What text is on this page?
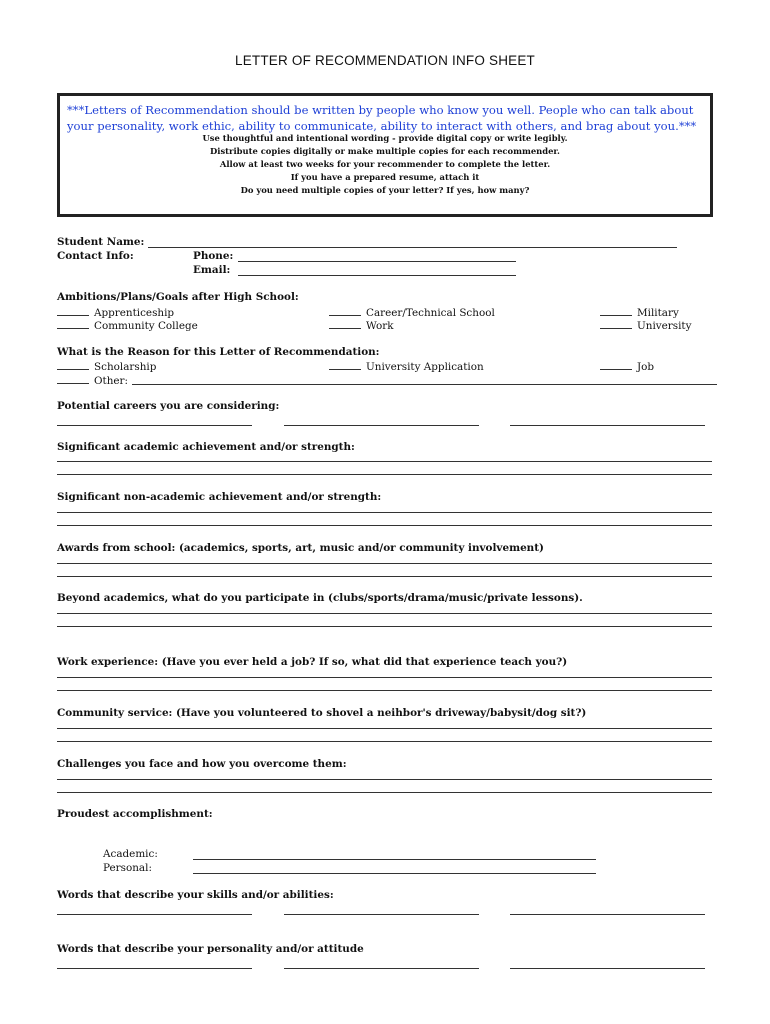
LETTER OF RECOMMENDATION INFO SHEET
***Letters of Recommendation should be written by people who know you well. People who can talk about your personality, work ethic, ability to communicate, ability to interact with others, and brag about you.***
Use thoughtful and intentional wording - provide digital copy or write legibly.
Distribute copies digitally or make multiple copies for each recommender.
Allow at least two weeks for your recommender to complete the letter.
If you have a prepared resume, attach it
Do you need multiple copies of your letter? If yes, how many?
Student Name:
Contact Info:	Phone:
Email:
Ambitions/Plans/Goals after High School:
Apprenticeship	Career/Technical School	Military
Community College	Work	University
What is the Reason for this Letter of Recommendation:
Scholarship	University Application	Job
Other:
Potential careers you are considering:
Significant academic achievement and/or strength:
Significant non-academic achievement and/or strength:
Awards from school: (academics, sports, art, music and/or community involvement)
Beyond academics, what do you participate in (clubs/sports/drama/music/private lessons).
Work experience: (Have you ever held a job? If so, what did that experience teach you?)
Community service: (Have you volunteered to shovel a neihbor's driveway/babysit/dog sit?)
Challenges you face and how you overcome them:
Proudest accomplishment:
Academic:
Personal:
Words that describe your skills and/or abilities:
Words that describe your personality and/or attitude
